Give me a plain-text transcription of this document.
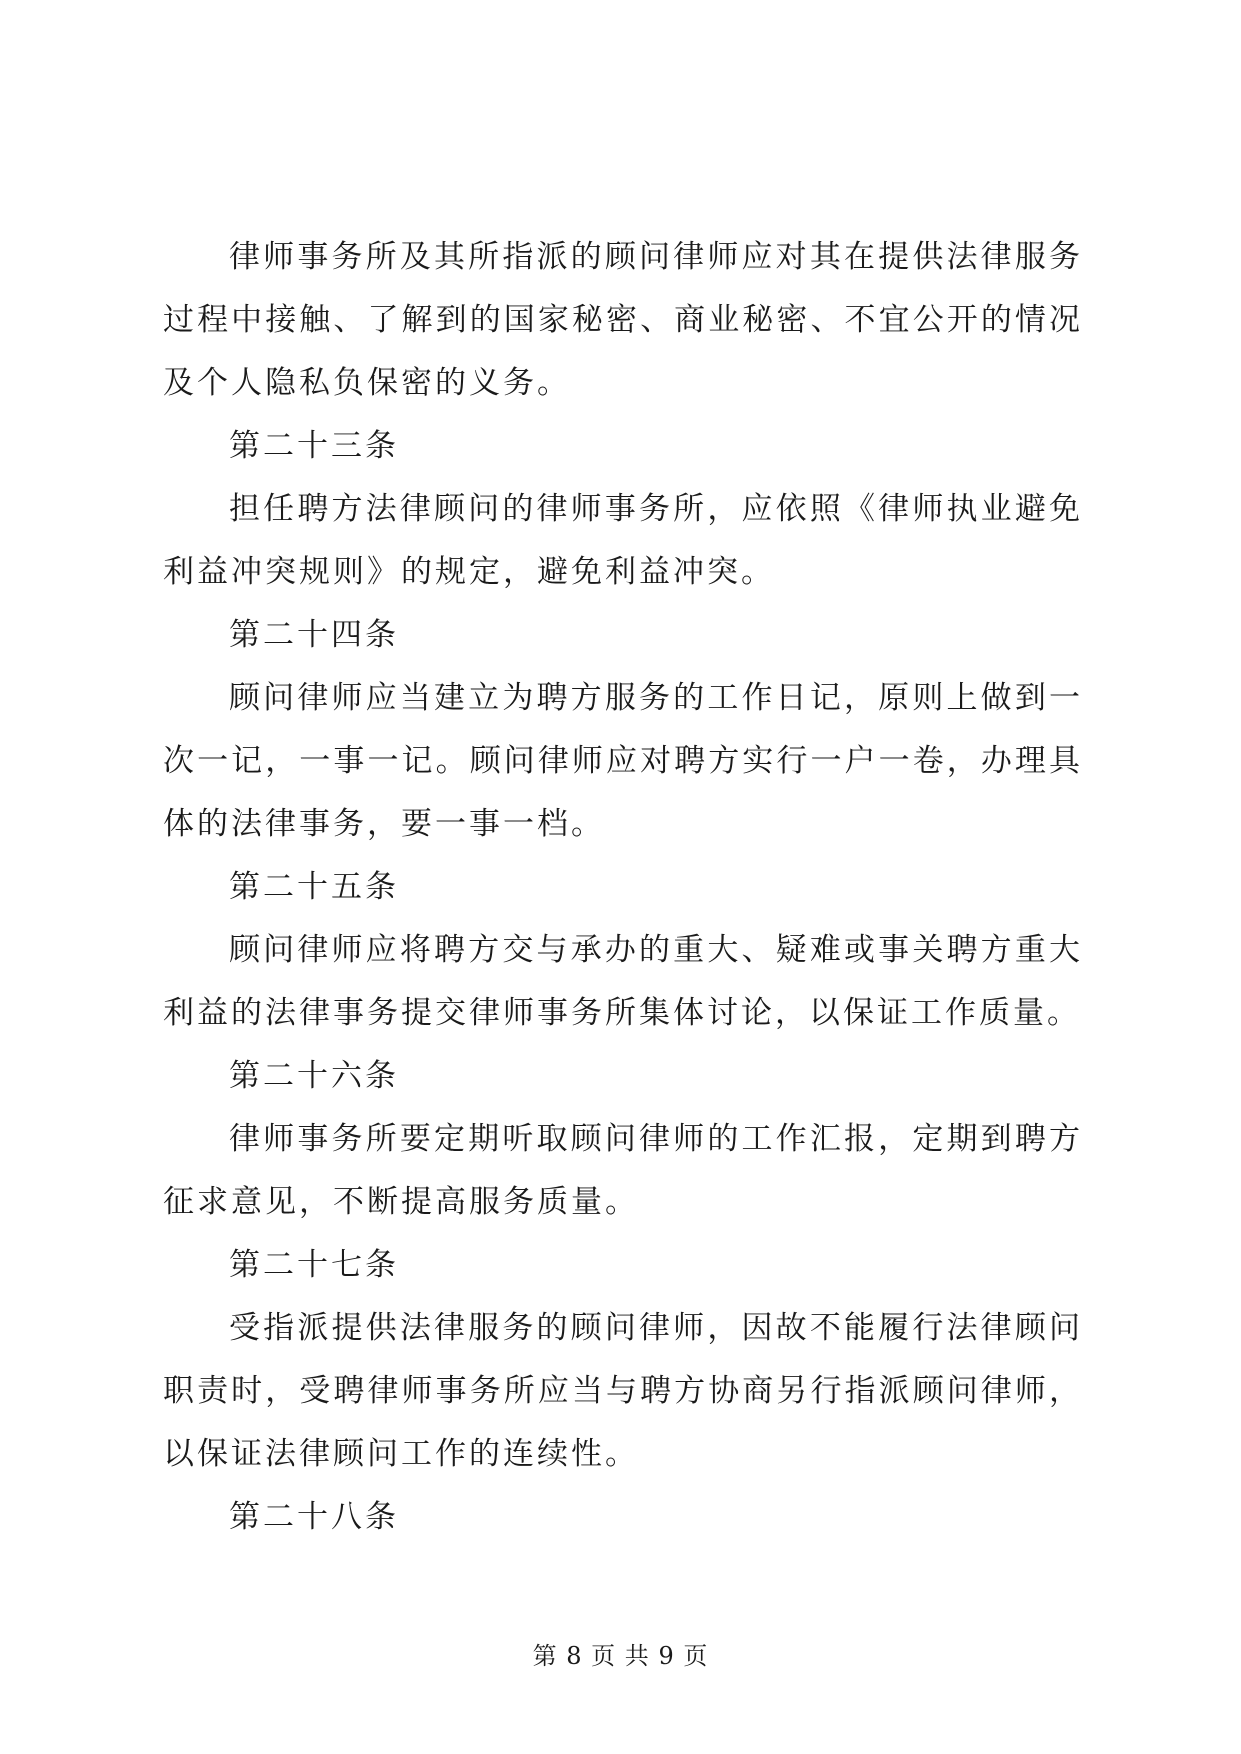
律师事务所及其所指派的顾问律师应对其在提供法律服务过程中接触、了解到的国家秘密、商业秘密、不宜公开的情况及个人隐私负保密的义务。

第二十三条

担任聘方法律顾问的律师事务所，应依照《律师执业避免利益冲突规则》的规定，避免利益冲突。

第二十四条

顾问律师应当建立为聘方服务的工作日记，原则上做到一次一记，一事一记。顾问律师应对聘方实行一户一卷，办理具体的法律事务，要一事一档。

第二十五条

顾问律师应将聘方交与承办的重大、疑难或事关聘方重大利益的法律事务提交律师事务所集体讨论，以保证工作质量。

第二十六条

律师事务所要定期听取顾问律师的工作汇报，定期到聘方征求意见，不断提高服务质量。

第二十七条

受指派提供法律服务的顾问律师，因故不能履行法律顾问职责时，受聘律师事务所应当与聘方协商另行指派顾问律师，以保证法律顾问工作的连续性。

第二十八条

第 8 页 共 9 页
